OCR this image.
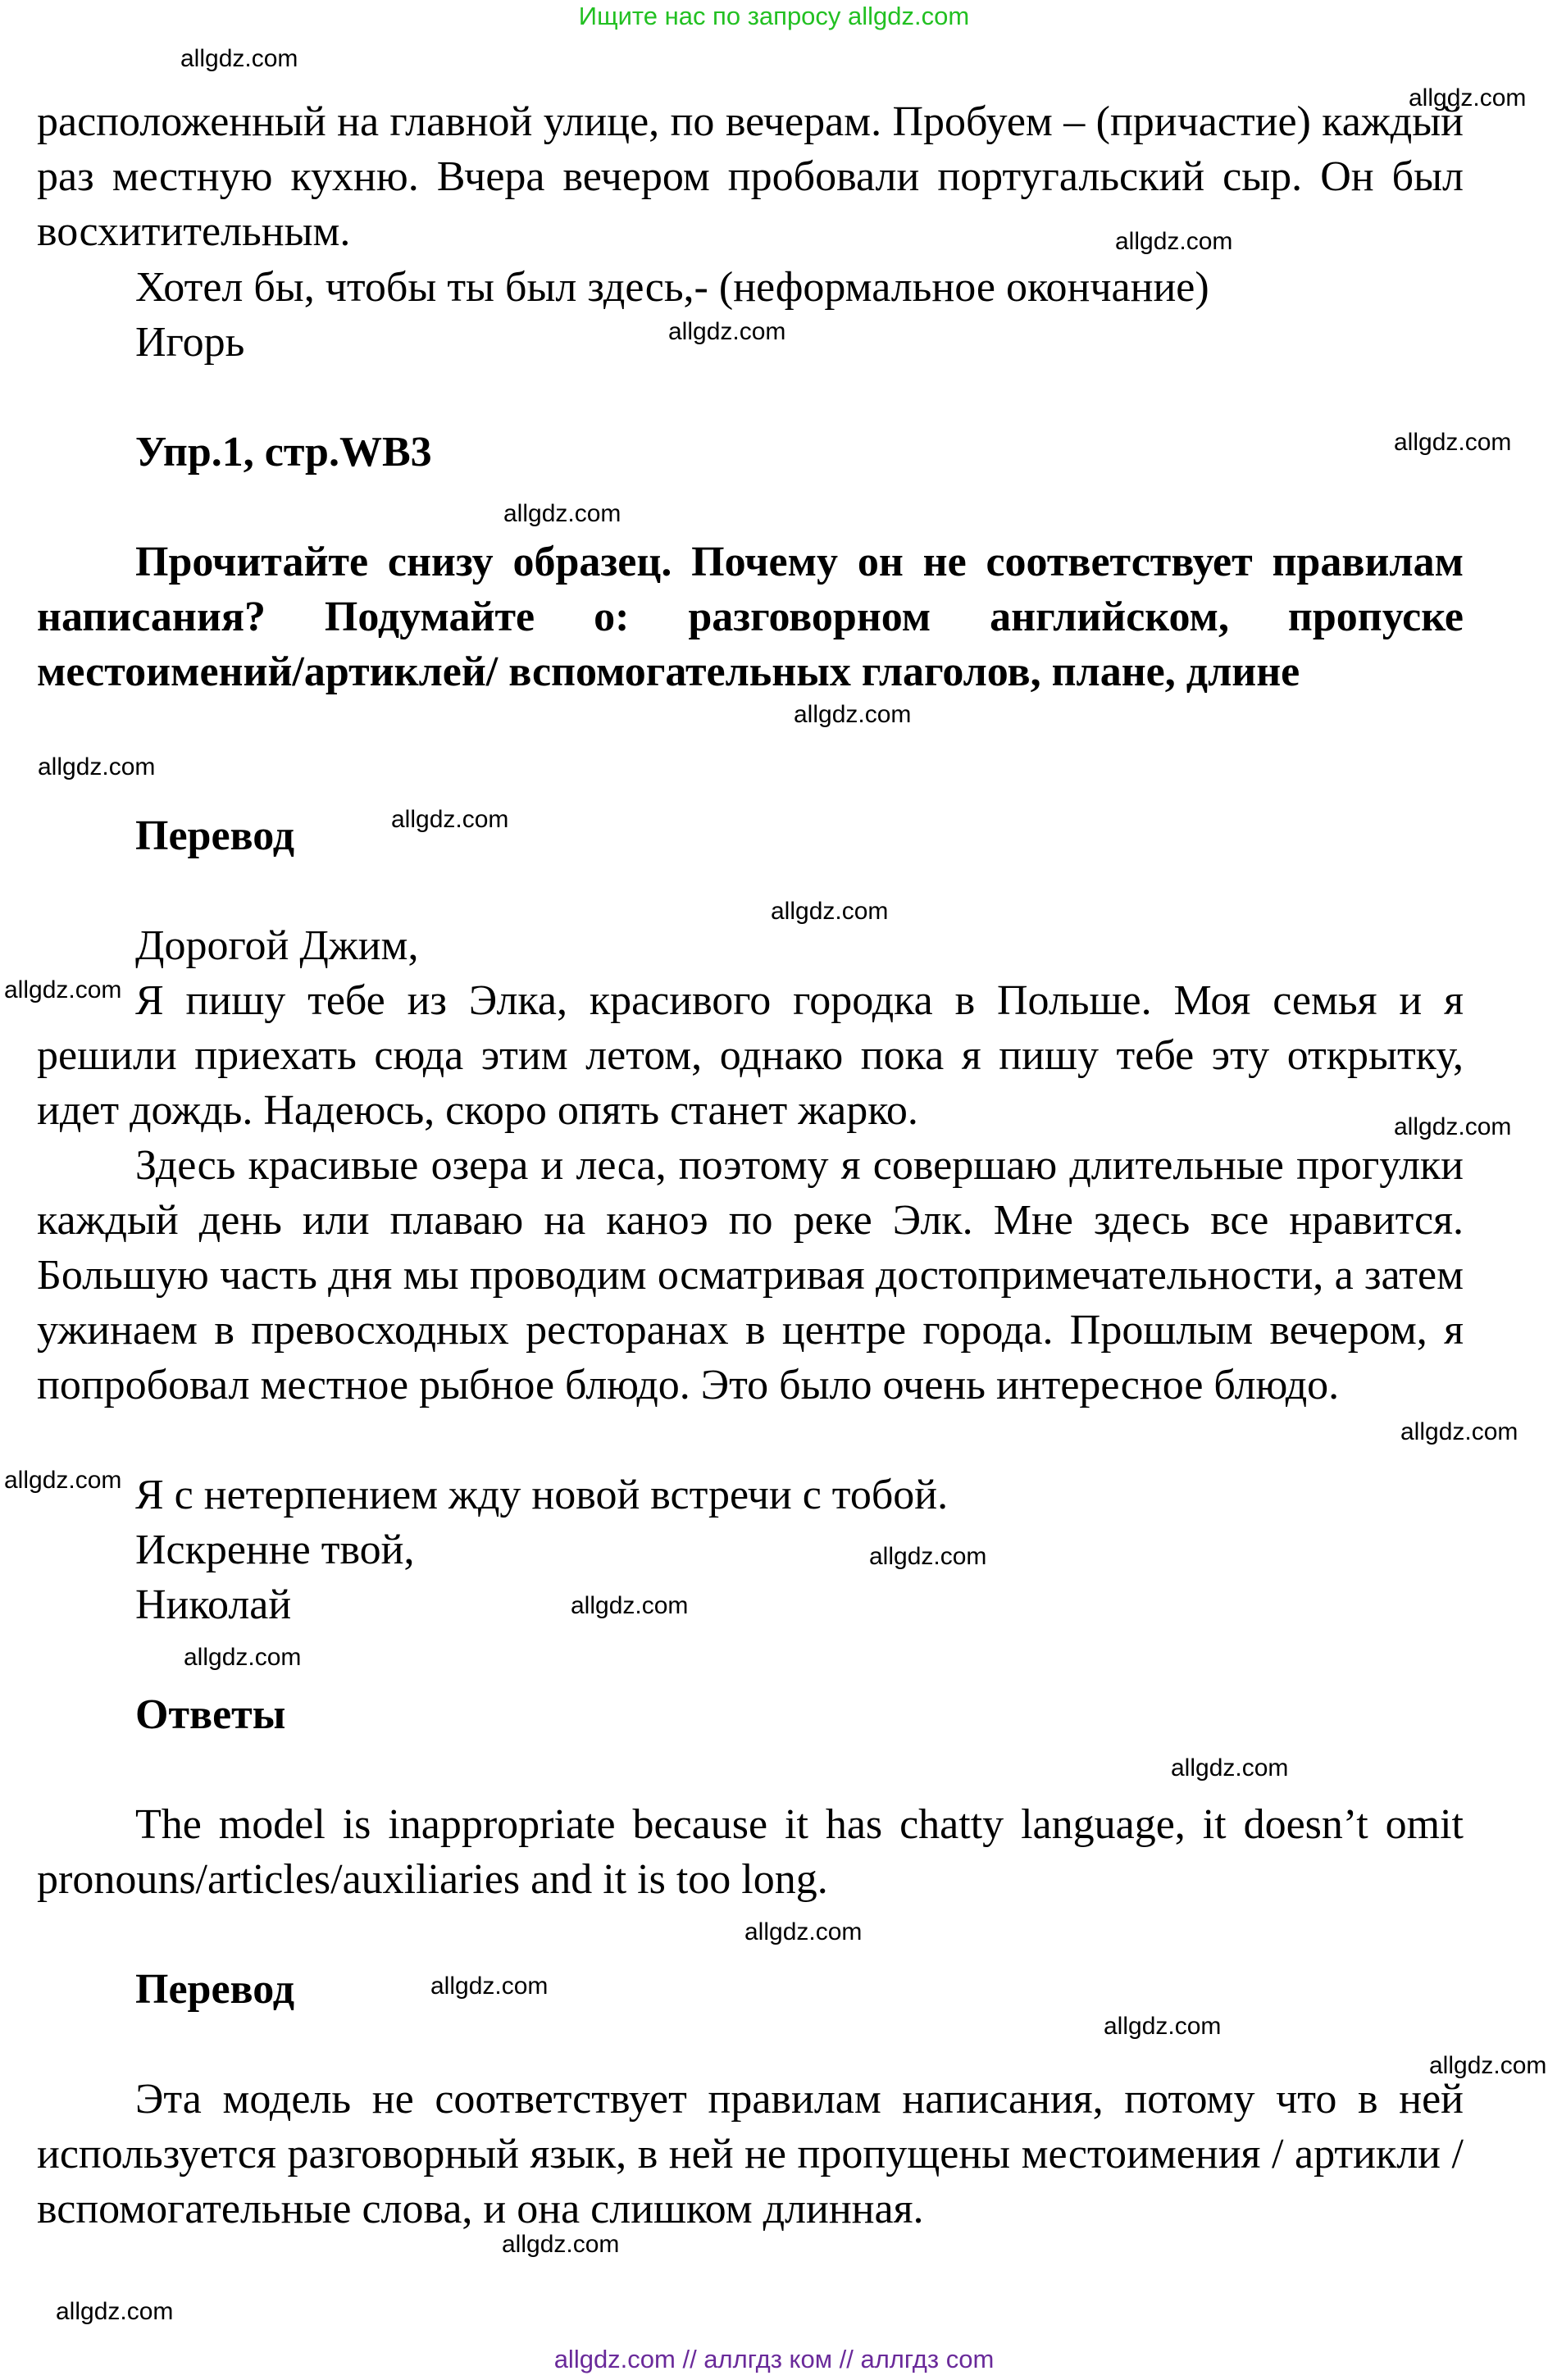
Ищите нас по запросу allgdz.com

расположенный на главной улице, по вечерам. Пробуем – (причастие) каждый раз местную кухню. Вчера вечером пробовали португальский сыр. Он был восхитительным.

Хотел бы, чтобы ты был здесь,- (неформальное окончание)

Игорь

Упр.1, стр.WB3

Прочитайте снизу образец. Почему он не соответствует правилам написания? Подумайте о: разговорном английском, пропуске местоимений/артиклей/ вспомогательных глаголов, плане, длине

Перевод

Дорогой Джим,

Я пишу тебе из Элка, красивого городка в Польше. Моя семья и я решили приехать сюда этим летом, однако пока я пишу тебе эту открытку, идет дождь. Надеюсь, скоро опять станет жарко.

Здесь красивые озера и леса, поэтому я совершаю длительные прогулки каждый день или плаваю на каноэ по реке Элк. Мне здесь все нравится. Большую часть дня мы проводим осматривая достопримечательности, а затем ужинаем в превосходных ресторанах в центре города. Прошлым вечером, я попробовал местное рыбное блюдо. Это было очень интересное блюдо.

Я с нетерпением жду новой встречи с тобой.

Искренне твой,

Николай

Ответы

The model is inappropriate because it has chatty language, it doesn’t omit pronouns/articles/auxiliaries and it is too long.

Перевод

Эта модель не соответствует правилам написания, потому что в ней используется разговорный язык, в ней не пропущены местоимения / артикли / вспомогательные слова, и она слишком длинная.

allgdz.com
allgdz.com
allgdz.com
allgdz.com
allgdz.com
allgdz.com
allgdz.com
allgdz.com
allgdz.com
allgdz.com
allgdz.com
allgdz.com
allgdz.com
allgdz.com
allgdz.com
allgdz.com
allgdz.com
allgdz.com
allgdz.com
allgdz.com
allgdz.com
allgdz.com
allgdz.com
allgdz.com
allgdz.com // аллгдз ком // аллгдз com
